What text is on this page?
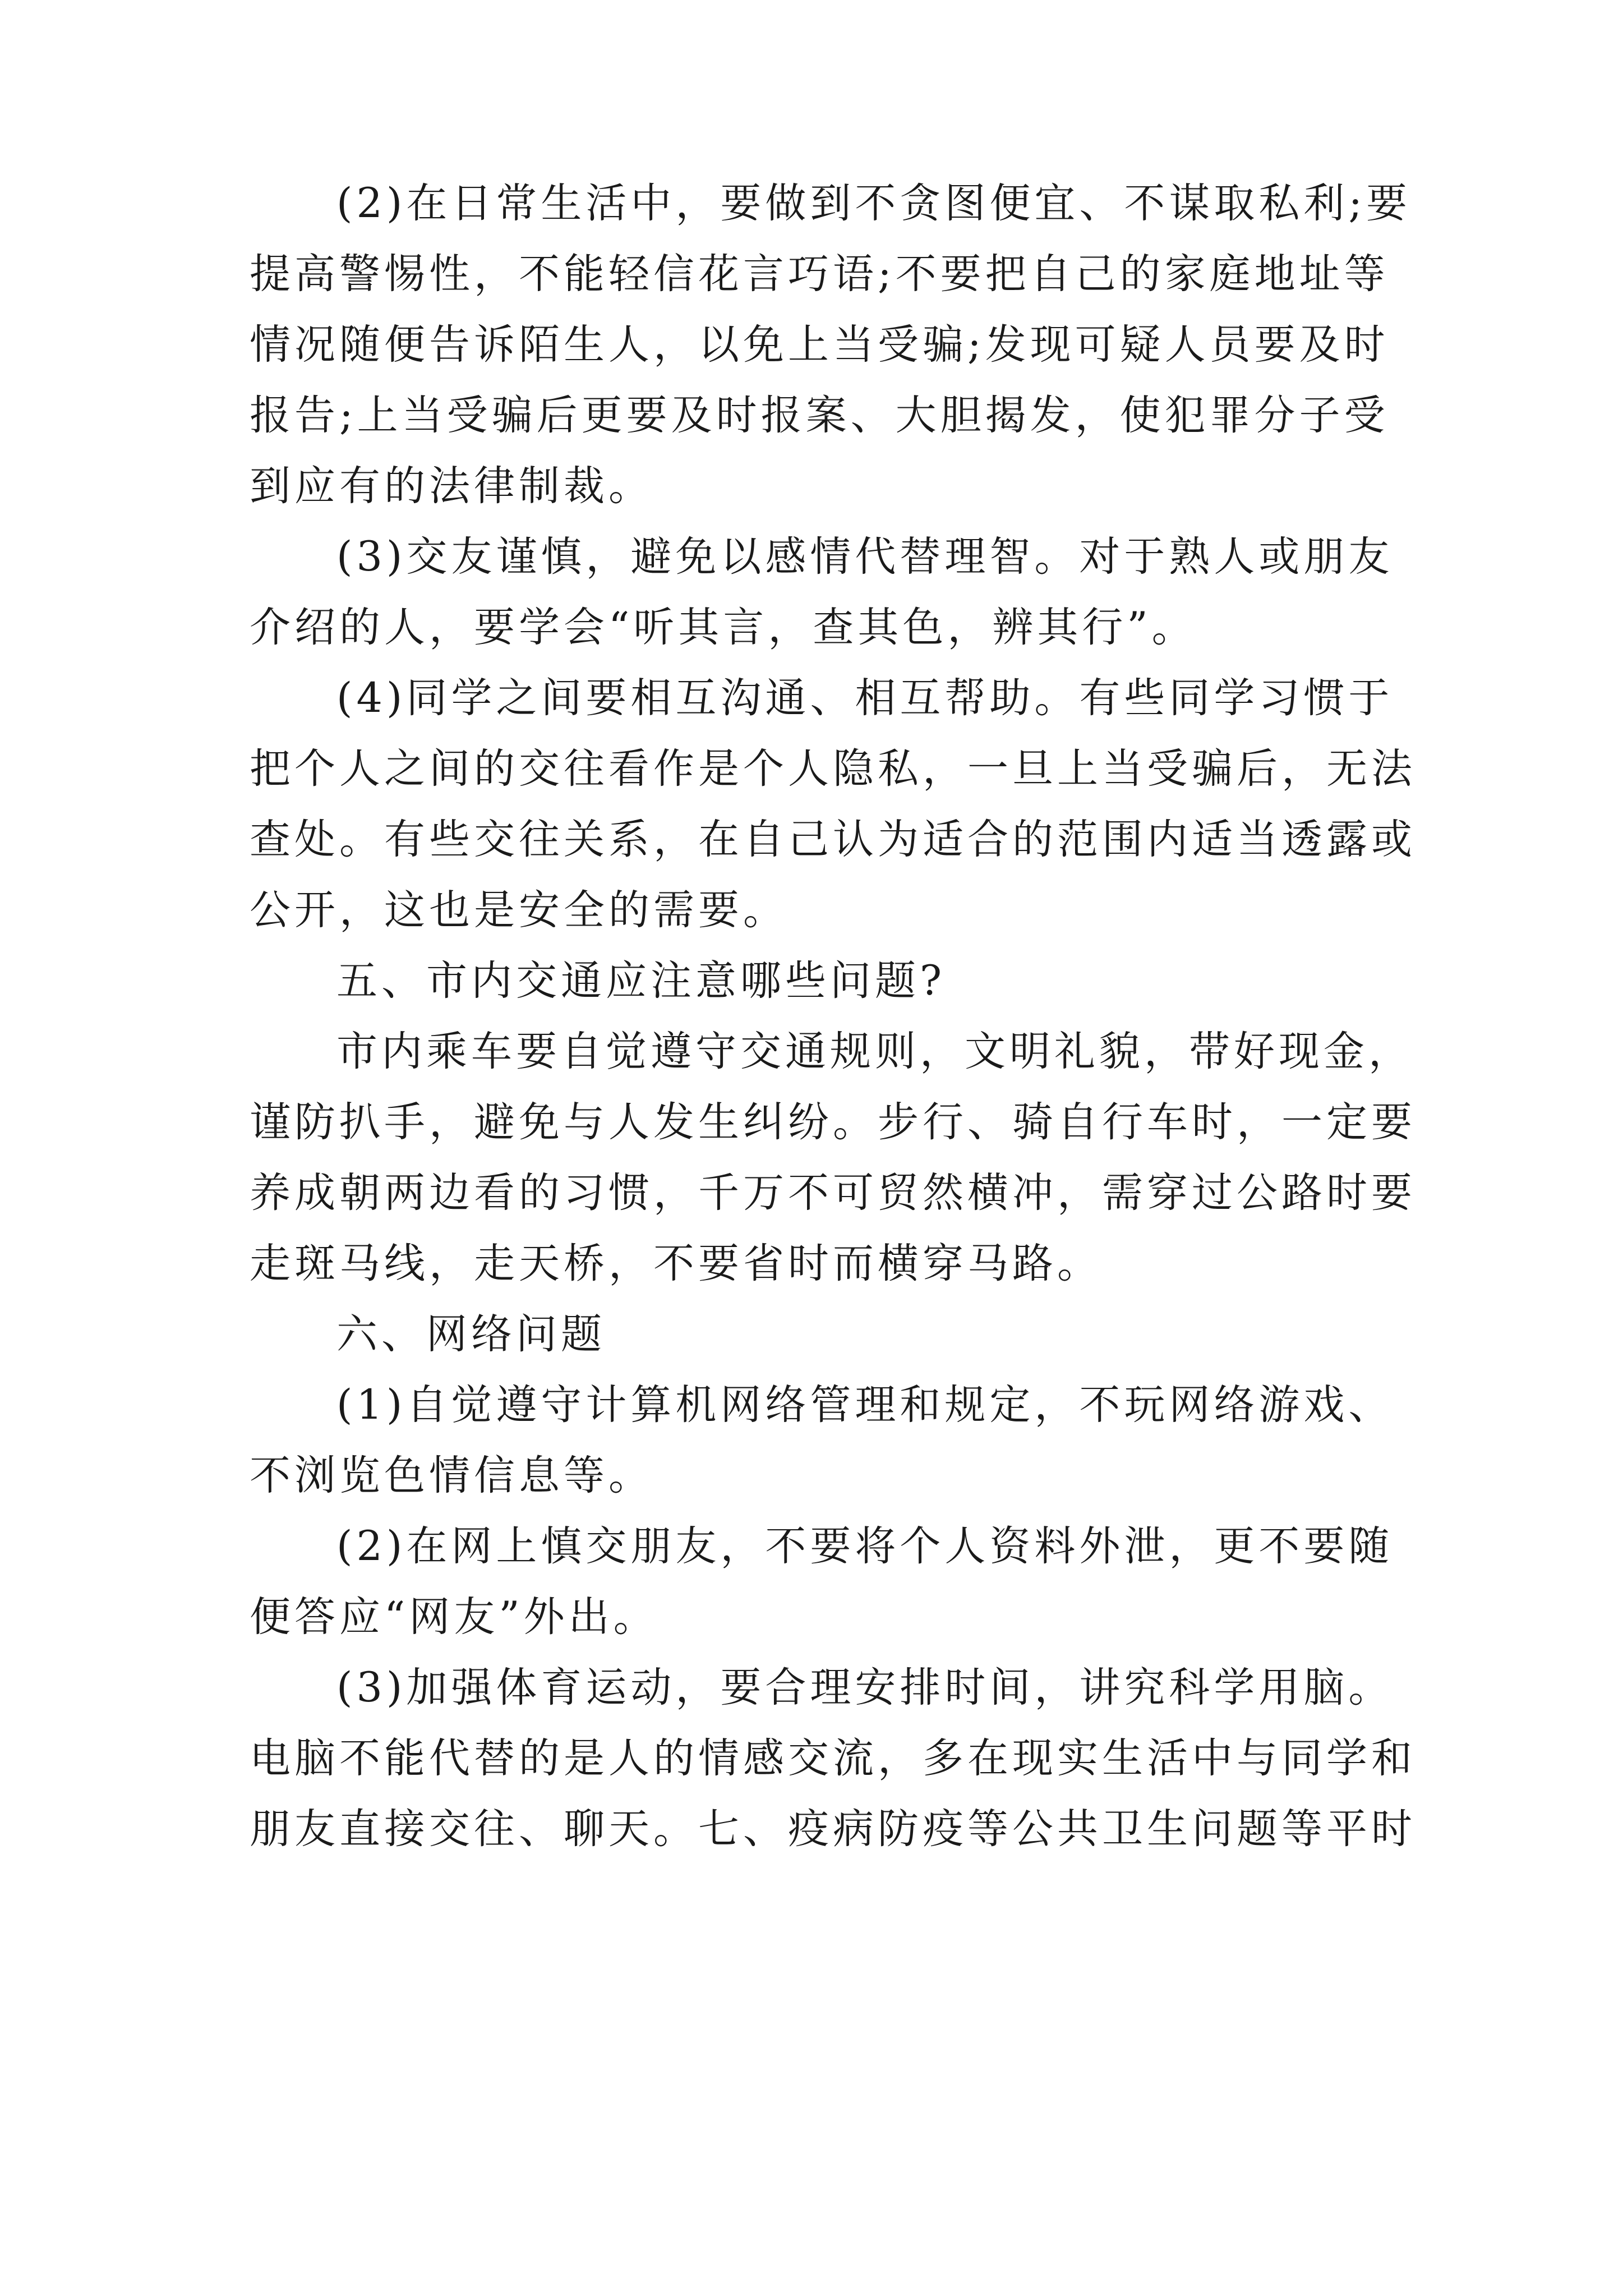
(2)在日常生活中，要做到不贪图便宜、不谋取私利;要
提高警惕性，不能轻信花言巧语;不要把自己的家庭地址等
情况随便告诉陌生人，以免上当受骗;发现可疑人员要及时
报告;上当受骗后更要及时报案、大胆揭发，使犯罪分子受
到应有的法律制裁。
(3)交友谨慎，避免以感情代替理智。对于熟人或朋友
介绍的人，要学会“听其言，查其色，辨其行”。
(4)同学之间要相互沟通、相互帮助。有些同学习惯于
把个人之间的交往看作是个人隐私，一旦上当受骗后，无法
查处。有些交往关系，在自己认为适合的范围内适当透露或
公开，这也是安全的需要。
五、市内交通应注意哪些问题?
市内乘车要自觉遵守交通规则，文明礼貌，带好现金，
谨防扒手，避免与人发生纠纷。步行、骑自行车时，一定要
养成朝两边看的习惯，千万不可贸然横冲，需穿过公路时要
走斑马线，走天桥，不要省时而横穿马路。
六、网络问题
(1)自觉遵守计算机网络管理和规定，不玩网络游戏、
不浏览色情信息等。
(2)在网上慎交朋友，不要将个人资料外泄，更不要随
便答应“网友”外出。
(3)加强体育运动，要合理安排时间，讲究科学用脑。
电脑不能代替的是人的情感交流，多在现实生活中与同学和
朋友直接交往、聊天。七、疫病防疫等公共卫生问题等平时
